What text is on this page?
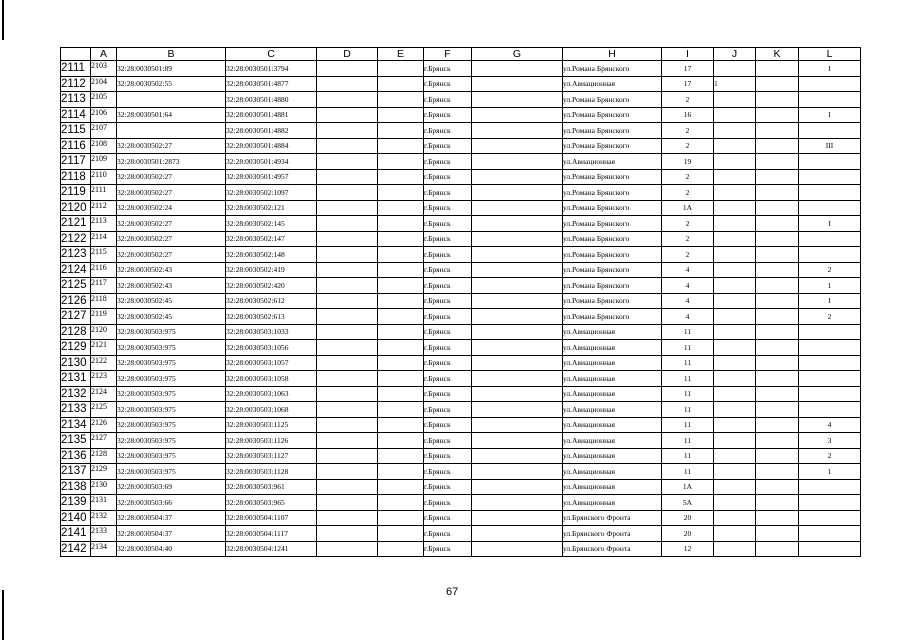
	A	B	C	D	E	F	G	H	I	J	K	L
2111	2103	32:28:0030501:89	32:28:0030501:3794			г.Брянск		ул.Романа Брянского	17			I
2112	2104	32:28:0030502:55	32:28:0030501:4877			г.Брянск		ул.Авиационная	17	1		
2113	2105		32:28:0030501:4880			г.Брянск		ул.Романа Брянского	2			
2114	2106	32:28:0030501:64	32:28:0030501:4881			г.Брянск		ул.Романа Брянского	16			I
2115	2107		32:28:0030501:4882			г.Брянск		ул.Романа Брянского	2			
2116	2108	32:28:0030502:27	32:28:0030501:4884			г.Брянск		ул.Романа Брянского	2			III
2117	2109	32:28:0030501:2873	32:28:0030501:4934			г.Брянск		ул.Авиационная	19			
2118	2110	32:28:0030502:27	32:28:0030501:4957			г.Брянск		ул.Романа Брянского	2			
2119	2111	32:28:0030502:27	32:28:0030502:1097			г.Брянск		ул.Романа Брянского	2			
2120	2112	32:28:0030502:24	32:28:0030502:121			г.Брянск		ул.Романа Брянского	1А			
2121	2113	32:28:0030502:27	32:28:0030502:145			г.Брянск		ул.Романа Брянского	2			I
2122	2114	32:28:0030502:27	32:28:0030502:147			г.Брянск		ул.Романа Брянского	2			
2123	2115	32:28:0030502:27	32:28:0030502:148			г.Брянск		ул.Романа Брянского	2			
2124	2116	32:28:0030502:43	32:28:0030502:419			г.Брянск		ул.Романа Брянского	4			2
2125	2117	32:28:0030502:43	32:28:0030502:420			г.Брянск		ул.Романа Брянского	4			1
2126	2118	32:28:0030502:45	32:28:0030502:612			г.Брянск		ул.Романа Брянского	4			I
2127	2119	32:28:0030502:45	32:28:0030502:613			г.Брянск		ул.Романа Брянского	4			2
2128	2120	32:28:0030503:975	32:28:0030503:1033			г.Брянск		ул.Авиационная	11			
2129	2121	32:28:0030503:975	32:28:0030503:1056			г.Брянск		ул.Авиационная	11			
2130	2122	32:28:0030503:975	32:28:0030503:1057			г.Брянск		ул.Авиационная	11			
2131	2123	32:28:0030503:975	32:28:0030503:1058			г.Брянск		ул.Авиационная	11			
2132	2124	32:28:0030503:975	32:28:0030503:1063			г.Брянск		ул.Авиационная	11			
2133	2125	32:28:0030503:975	32:28:0030503:1068			г.Брянск		ул.Авиационная	11			
2134	2126	32:28:0030503:975	32:28:0030503:1125			г.Брянск		ул.Авиационная	11			4
2135	2127	32:28:0030503:975	32:28:0030503:1126			г.Брянск		ул.Авиационная	11			3
2136	2128	32:28:0030503:975	32:28:0030503:1127			г.Брянск		ул.Авиационная	11			2
2137	2129	32:28:0030503:975	32:28:0030503:1128			г.Брянск		ул.Авиационная	11			1
2138	2130	32:28:0030503:69	32:28:0030503:961			г.Брянск		ул.Авиационная	1А			
2139	2131	32:28:0030503:66	32:28:0030503:965			г.Брянск		ул.Авиационная	5А			
2140	2132	32:28:0030504:37	32:28:0030504:1107			г.Брянск		ул.Брянского Фронта	20			
2141	2133	32:28:0030504:37	32:28:0030504:1117			г.Брянск		ул.Брянского Фронта	20			
2142	2134	32:28:0030504:40	32:28:0030504:1241			г.Брянск		ул.Брянского Фронта	12			
67
